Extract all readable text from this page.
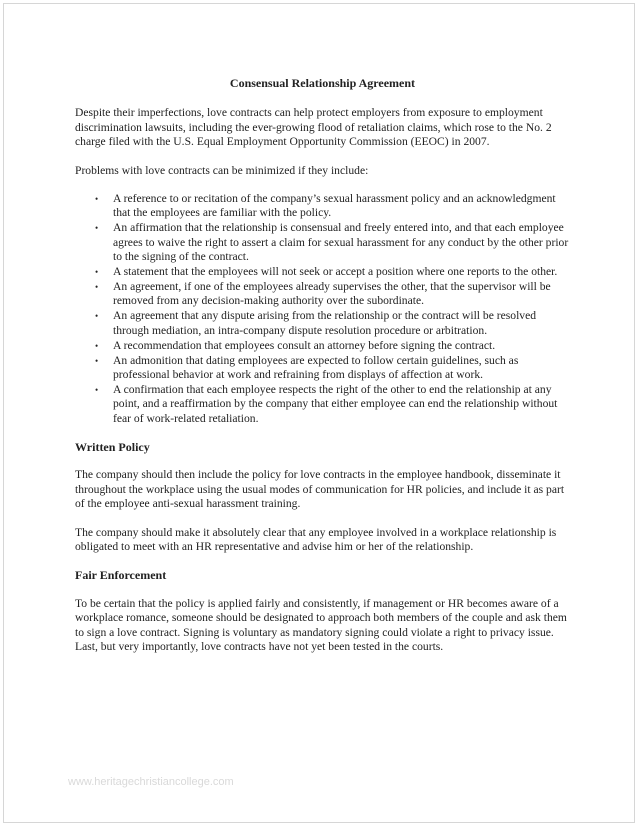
Consensual Relationship Agreement

Despite their imperfections, love contracts can help protect employers from exposure to employment discrimination lawsuits, including the ever-growing flood of retaliation claims, which rose to the No. 2 charge filed with the U.S. Equal Employment Opportunity Commission (EEOC) in 2007.

Problems with love contracts can be minimized if they include:

• A reference to or recitation of the company’s sexual harassment policy and an acknowledgment that the employees are familiar with the policy.
• An affirmation that the relationship is consensual and freely entered into, and that each employee agrees to waive the right to assert a claim for sexual harassment for any conduct by the other prior to the signing of the contract.
• A statement that the employees will not seek or accept a position where one reports to the other.
• An agreement, if one of the employees already supervises the other, that the supervisor will be removed from any decision-making authority over the subordinate.
• An agreement that any dispute arising from the relationship or the contract will be resolved through mediation, an intra-company dispute resolution procedure or arbitration.
• A recommendation that employees consult an attorney before signing the contract.
• An admonition that dating employees are expected to follow certain guidelines, such as professional behavior at work and refraining from displays of affection at work.
• A confirmation that each employee respects the right of the other to end the relationship at any point, and a reaffirmation by the company that either employee can end the relationship without fear of work-related retaliation.
Written Policy

The company should then include the policy for love contracts in the employee handbook, disseminate it throughout the workplace using the usual modes of communication for HR policies, and include it as part of the employee anti-sexual harassment training.

The company should make it absolutely clear that any employee involved in a workplace relationship is obligated to meet with an HR representative and advise him or her of the relationship.

Fair Enforcement

To be certain that the policy is applied fairly and consistently, if management or HR becomes aware of a workplace romance, someone should be designated to approach both members of the couple and ask them to sign a love contract. Signing is voluntary as mandatory signing could violate a right to privacy issue. Last, but very importantly, love contracts have not yet been tested in the courts.

www.heritagechristiancollege.com
